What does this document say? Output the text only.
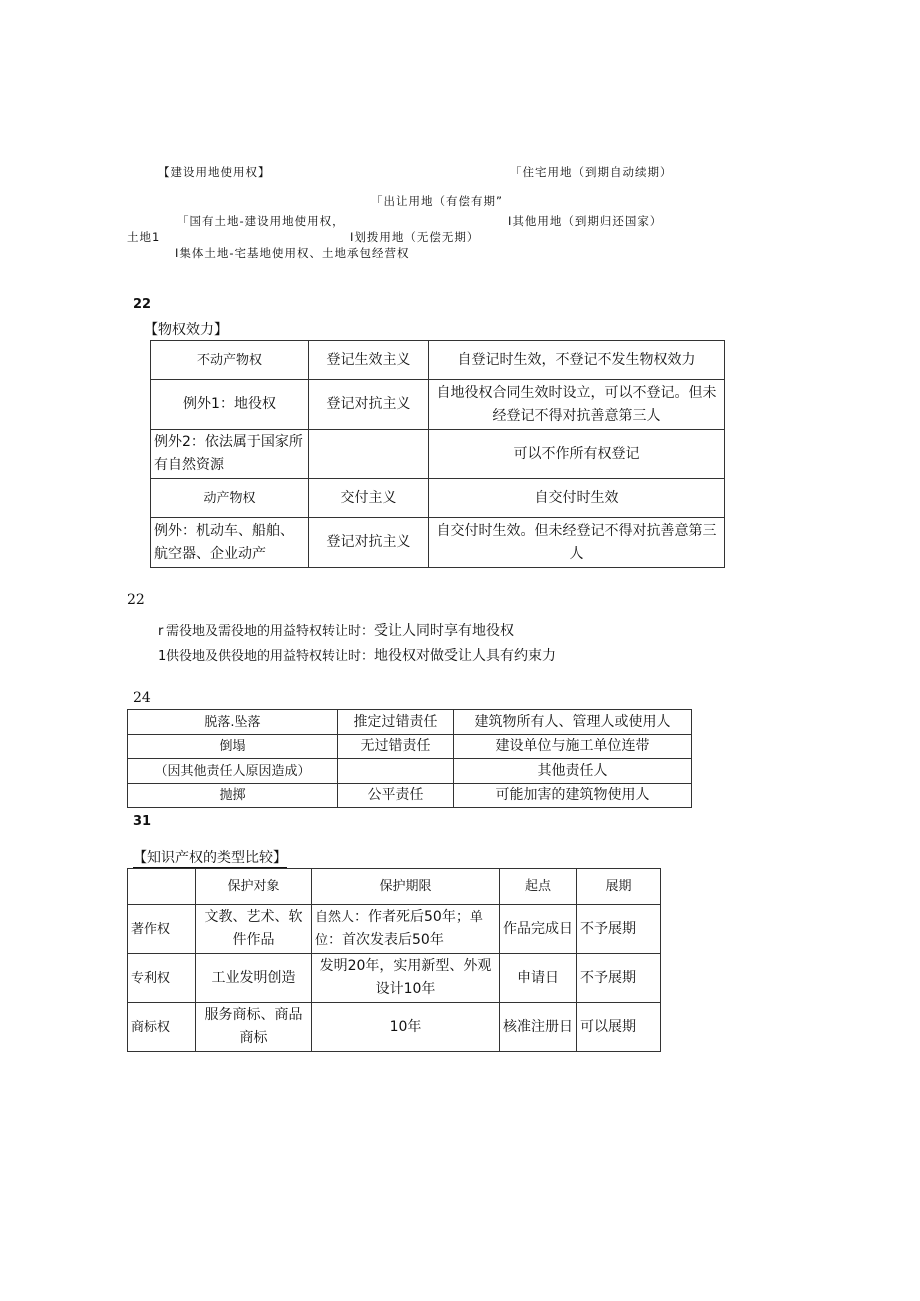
【建设用地使用权】	「住宅用地（到期自动续期）
「出让用地（有偿有期”
「国有土地-建设用地使用权，	I其他用地（到期归还国家）
土地1	I划拨用地（无偿无期）
I集体土地-宅基地使用权、土地承包经营权
22
【物权效力】
不动产物权	登记生效主义	自登记时生效，不登记不发生物权效力
例外1：地役权	登记对抗主义	自地役权合同生效时设立，可以不登记。但未经登记不得对抗善意第三人
例外2：依法属于国家所有自然资源		可以不作所有权登记
动产物权	交付主义	自交付时生效
例外：机动车、船舶、航空器、企业动产	登记对抗主义	自交付时生效。但未经登记不得对抗善意第三人
22
r 需役地及需役地的用益特权转让时：受让人同时享有地役权
1供役地及供役地的用益特权转让时：地役权对做受让人具有约束力
24
脱落.坠落	推定过错责任	建筑物所有人、管理人或使用人
倒塌	无过错责任	建设单位与施工单位连带
（因其他责任人原因造成）		其他责任人
抛掷	公平责任	可能加害的建筑物使用人
31
【知识产权的类型比较】
	保护对象	保护期限	起点	展期
著作权	文教、艺术、软件作品	自然人：作者死后50年；单位：首次发表后50年	作品完成日	不予展期
专利权	工业发明创造	发明20年，实用新型、外观设计10年	申请日	不予展期
商标权	服务商标、商品商标	10年	核准注册日	可以展期
